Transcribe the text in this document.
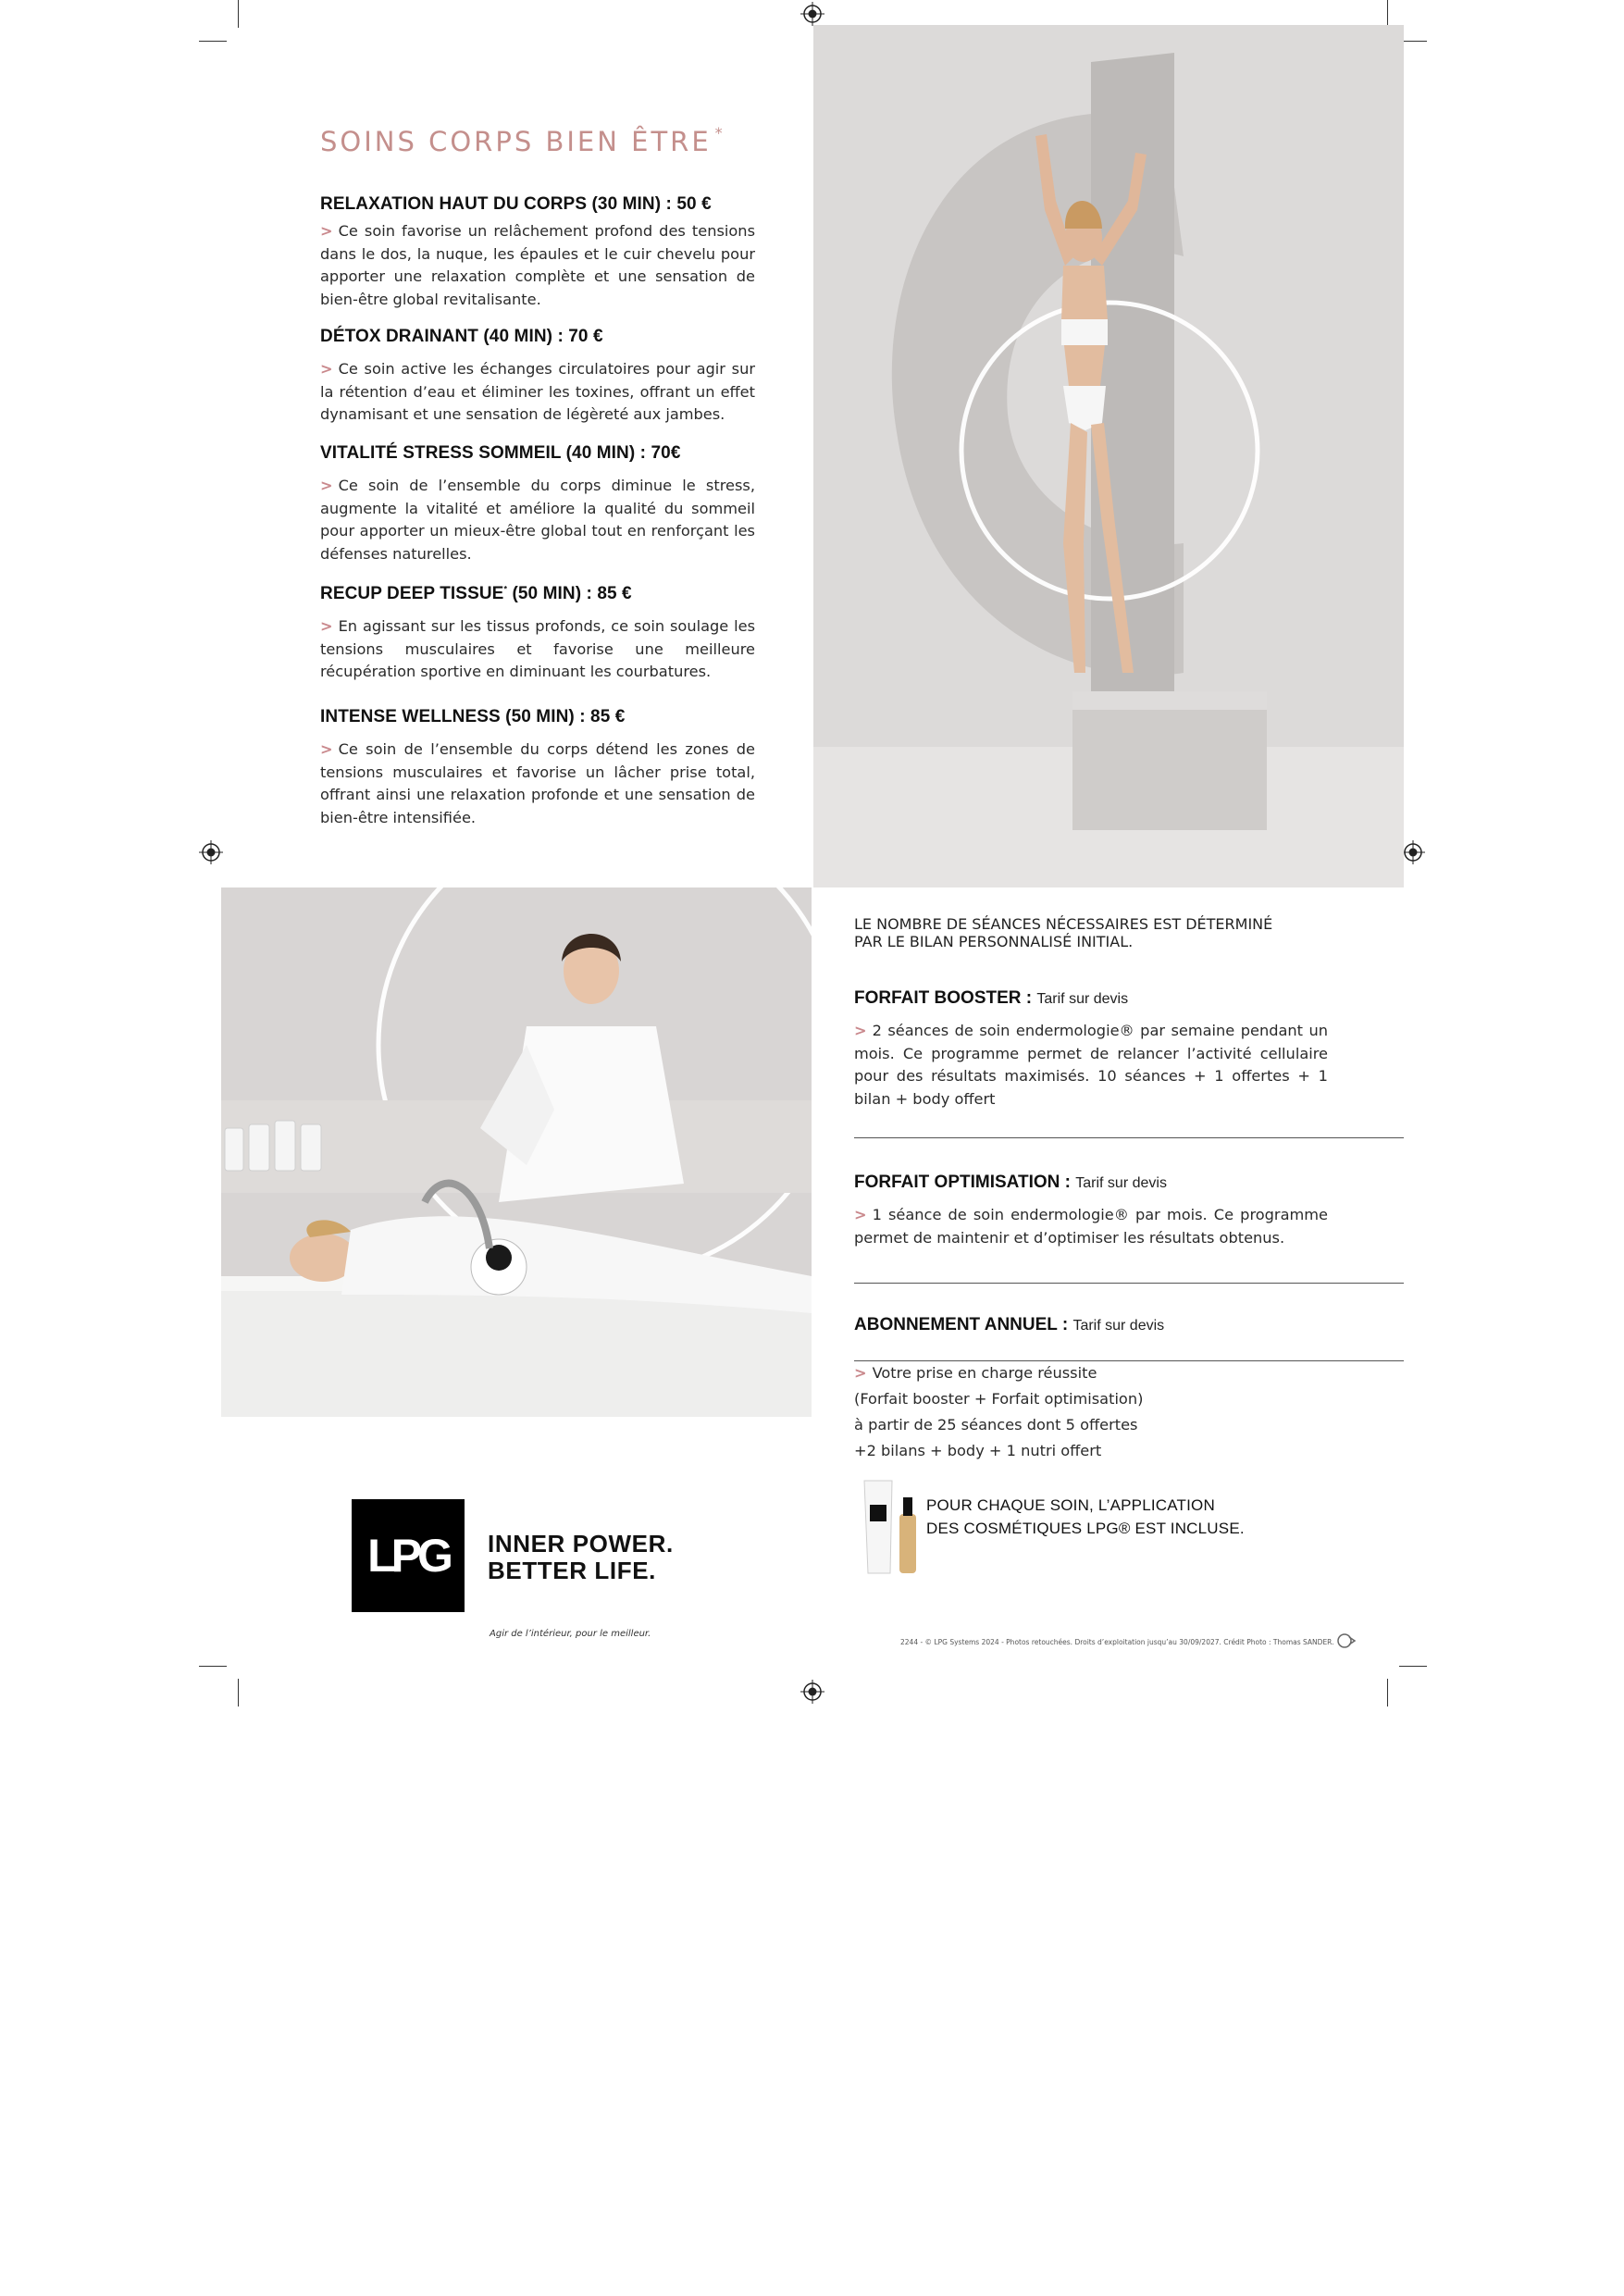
SOINS CORPS BIEN ÊTRE *
RELAXATION HAUT DU CORPS (30 MIN) : 50 €

> Ce soin favorise un relâchement profond des tensions dans le dos, la nuque, les épaules et le cuir chevelu pour apporter une relaxation complète et une sensation de bien-être global revitalisante.

DÉTOX DRAINANT (40 MIN) : 70 €

> Ce soin active les échanges circulatoires pour agir sur la rétention d’eau et éliminer les toxines, offrant un effet dynamisant et une sensation de légèreté aux jambes.

VITALITÉ STRESS SOMMEIL (40 MIN) : 70€

> Ce soin de l’ensemble du corps diminue le stress, augmente la vitalité et améliore la qualité du sommeil pour apporter un mieux-être global tout en renforçant les défenses naturelles.

RECUP DEEP TISSUE* (50 MIN) : 85 €

> En agissant sur les tissus profonds, ce soin soulage les tensions musculaires et favorise une meilleure récupération sportive en diminuant les courbatures.

INTENSE WELLNESS (50 MIN) : 85 €

> Ce soin de l’ensemble du corps détend les zones de tensions musculaires et favorise un lâcher prise total, offrant ainsi une relaxation profonde et une sensation de bien-être intensifiée.

LE NOMBRE DE SÉANCES NÉCESSAIRES EST DÉTERMINÉ
PAR LE BILAN PERSONNALISÉ INITIAL.
FORFAIT BOOSTER : Tarif sur devis

> 2 séances de soin endermologie® par semaine pendant un mois. Ce programme permet de relancer l’activité cellulaire pour des résultats maximisés. 10 séances + 1 offertes + 1 bilan + body offert

FORFAIT OPTIMISATION : Tarif sur devis

> 1 séance de soin endermologie® par mois. Ce programme permet de maintenir et d’optimiser les résultats obtenus.

ABONNEMENT ANNUEL : Tarif sur devis
> Votre prise en charge réussite
(Forfait booster + Forfait optimisation)
à partir de 25 séances dont 5 offertes
+2 bilans + body + 1 nutri offert
POUR CHAQUE SOIN, L’APPLICATION
DES COSMÉTIQUES LPG® EST INCLUSE.
LPG	INNER POWER.
BETTER LIFE.
Agir de l’intérieur, pour le meilleur.
2244 - © LPG Systems 2024 - Photos retouchées. Droits d’exploitation jusqu’au 30/09/2027. Crédit Photo : Thomas SANDER.
